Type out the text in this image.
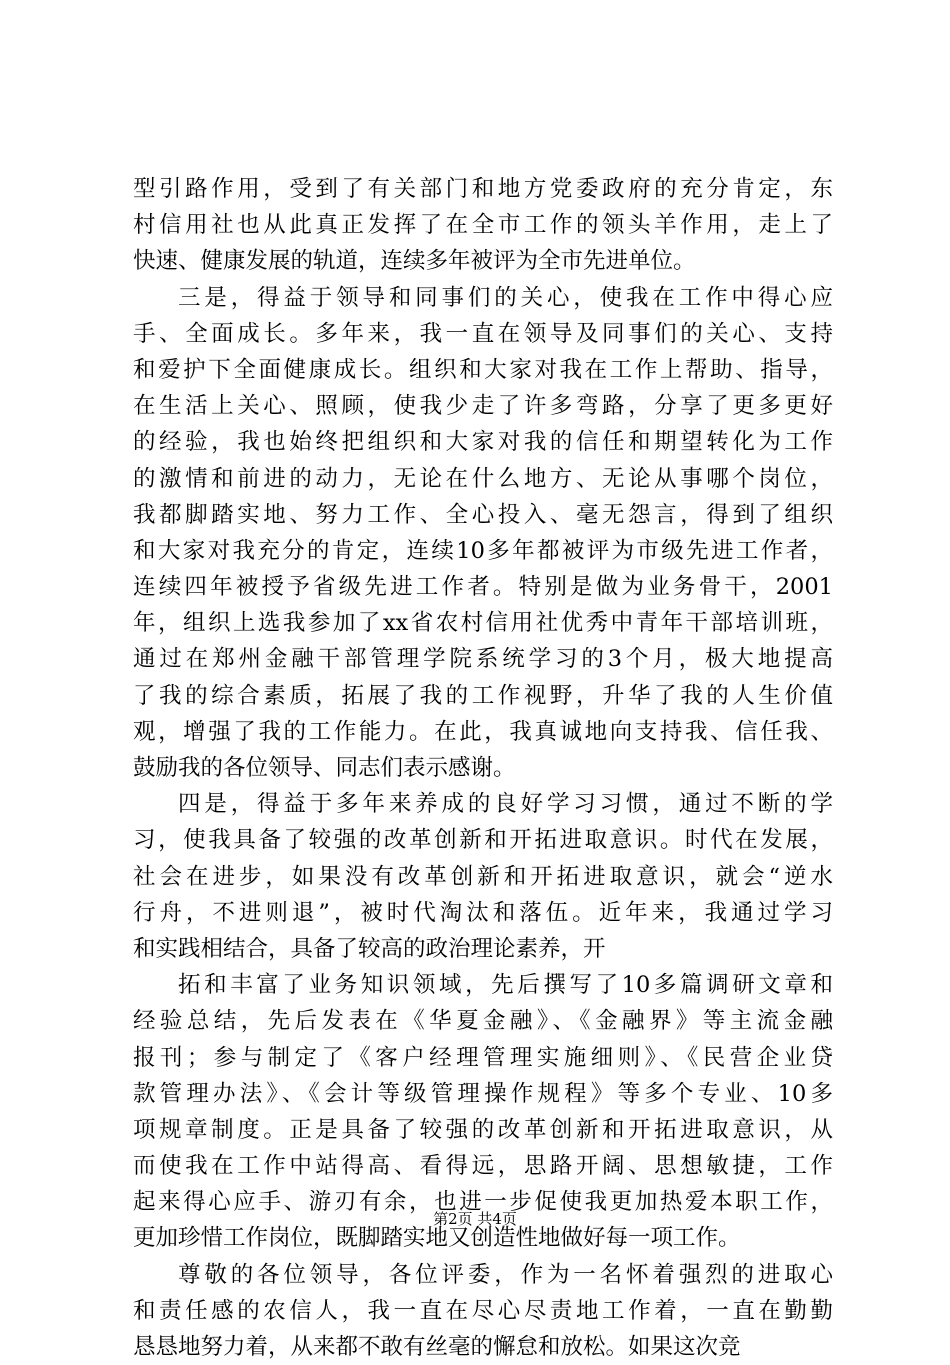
型引路作用，受到了有关部门和地方党委政府的充分肯定，东
村信用社也从此真正发挥了在全市工作的领头羊作用，走上了
快速、健康发展的轨道，连续多年被评为全市先进单位。
三是，得益于领导和同事们的关心，使我在工作中得心应
手、全面成长。多年来，我一直在领导及同事们的关心、支持
和爱护下全面健康成长。组织和大家对我在工作上帮助、指导，
在生活上关心、照顾，使我少走了许多弯路，分享了更多更好
的经验，我也始终把组织和大家对我的信任和期望转化为工作
的激情和前进的动力，无论在什么地方、无论从事哪个岗位，
我都脚踏实地、努力工作、全心投入、毫无怨言，得到了组织
和大家对我充分的肯定，连续10多年都被评为市级先进工作者，
连续四年被授予省级先进工作者。特别是做为业务骨干，2001
年，组织上选我参加了xx省农村信用社优秀中青年干部培训班，
通过在郑州金融干部管理学院系统学习的3个月，极大地提高
了我的综合素质，拓展了我的工作视野，升华了我的人生价值
观，增强了我的工作能力。在此，我真诚地向支持我、信任我、
鼓励我的各位领导、同志们表示感谢。
四是，得益于多年来养成的良好学习习惯，通过不断的学
习，使我具备了较强的改革创新和开拓进取意识。时代在发展，
社会在进步，如果没有改革创新和开拓进取意识，就会“逆水
行舟，不进则退”，被时代淘汰和落伍。近年来，我通过学习
和实践相结合，具备了较高的政治理论素养，开
拓和丰富了业务知识领域，先后撰写了10多篇调研文章和
经验总结，先后发表在《华夏金融》、《金融界》等主流金融
报刊；参与制定了《客户经理管理实施细则》、《民营企业贷
款管理办法》、《会计等级管理操作规程》等多个专业、10多
项规章制度。正是具备了较强的改革创新和开拓进取意识，从
而使我在工作中站得高、看得远，思路开阔、思想敏捷，工作
起来得心应手、游刃有余，也进一步促使我更加热爱本职工作，
更加珍惜工作岗位，既脚踏实地又创造性地做好每一项工作。
尊敬的各位领导，各位评委，作为一名怀着强烈的进取心
和责任感的农信人，我一直在尽心尽责地工作着，一直在勤勤
恳恳地努力着，从来都不敢有丝毫的懈怠和放松。如果这次竞
第2页 共4页
